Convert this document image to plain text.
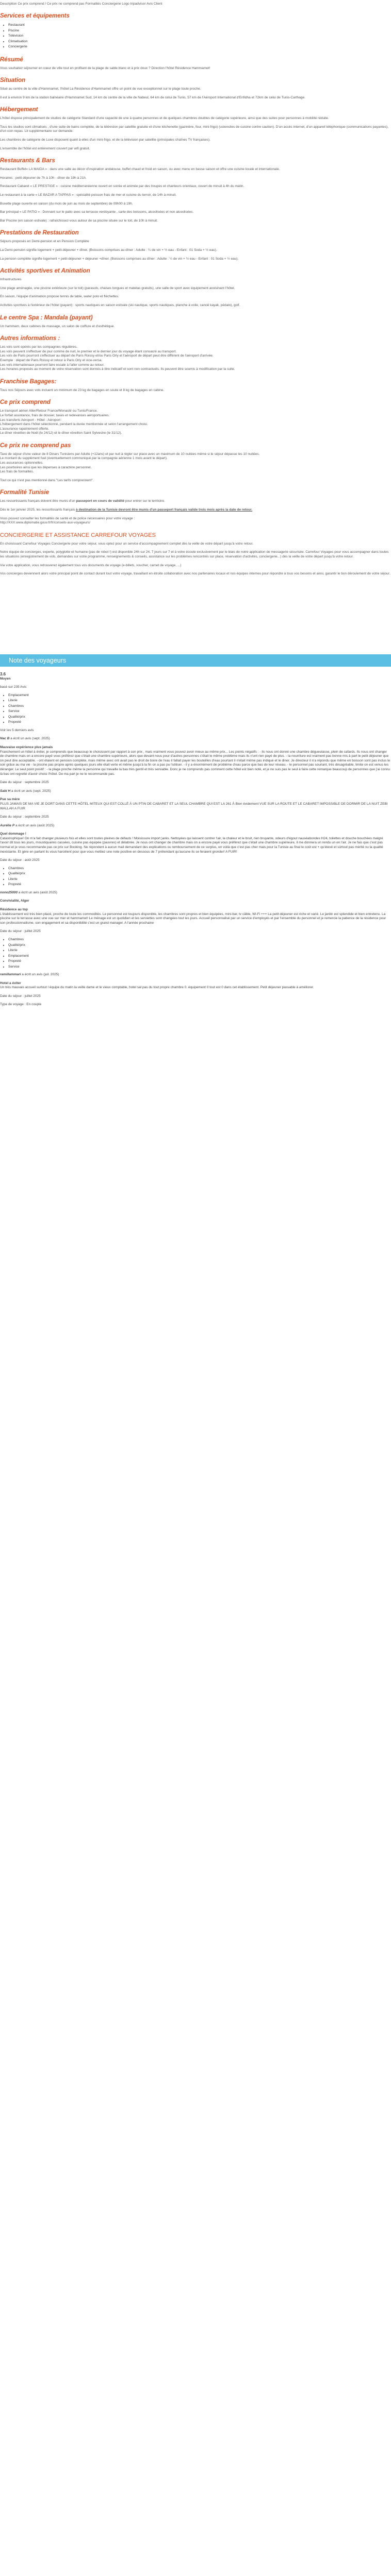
Description Ce prix comprend / Ce prix ne comprend pas Formalités Conciergerie Logo tripadvisor Avis Client

Services et équipements
• Restaurant
• Piscine
• Télévision
• Climatisation
• Conciergerie
Résumé

Vous souhaitez séjourner en cœur de ville tout en profitant de la plage de sable blanc et à prix doux ? Direction l'hôtel Résidence Hammamet!

Situation

Situé au centre de la ville d'Hammamet, l'hôtel La Résidence d'Hammamet offre un point de vue exceptionnel sur le plage toute proche.

Il est à environ 9 km de la station balnéaire d'Hammamet Sud, 14 km du centre de la ville de Nabeul, 64 km de celui de Tunis, 57 km de l'Aéroport International d'Enfidha et 72km de celui de Tunis-Carthage.

Hébergement

L'hôtel dispose principalement de studios de catégorie Standard d'une capacité de une à quatre personnes et de quelques chambres doubles de catégorie supérieure, ainsi que des suites pour personnes à mobilité réduite.

Tous les studios sont climatisés , d'une suite de bains complète, de la télévision par satellite gratuite et d'une kitchenette (gazinière, four, mini-frigo) (ustensiles de cuisine contre caution). D'un accès internet, d'un appareil téléphonique (communications payantes), d'un coin repas. Lit supplémentaire sur demande.

Les chambres de catégorie de Luxe disposent quant à elles d'un mini-frigo, et de la télévision par satellite (principales chaînes TV françaises).

L'ensemble de l'hôtel est entièrement couvert par wifi gratuit.

Restaurants & Bars

Restaurant Buffet« LA MAIDA » : dans une salle au décor d'inspiration andalouse, buffet chaud et froid en saison, ou avec menu en basse saison et offre une cuisine locale et internationale.

Horaires : petit déjeuner de 7h à 10h - dîner de 19h à 21h.

Restaurant Cabaret « LE PRESTIGE » : cuisine méditerranéenne ouvert en soirée et animée par des troupes et chanteurs orientaux, ouvert de minuit à 4h du matin.

Le restaurant à la carte « LE BAZAR A TAPPAS » : spécialité poisson frais de mer et cuisine du terroir, de 14h à minuit.

Buvette plage ouverte en saison (du mois de juin au mois de septembre) de 09h00 à 19h.

Bar principal « LE PATIO » : Donnant sur le patio avec sa terrasse verdoyante , carte des boissons, alcoolisées et non alcoolisées.

Bar Piscine (en saison estivale) : rafraîchissez-vous autour de sa piscine située sur le toit, de 10h à minuit.

Prestations de Restauration

Séjours proposés en Demi-pension et en Pension Complète

La Demi-pension signifie logement + petit-déjeuner + dîner. (Boissons comprises au dîner : Adulte : ¼ de vin + ½ eau - Enfant : 01 Soda + ½ eau).

La pension complète signifie logement + petit-déjeuner + déjeuner +dîner. (Boissons comprises au dîner : Adulte : ¼ de vin + ½ eau - Enfant : 01 Soda + ½ eau).

Activités sportives et Animation

Infrastructures

Une plage aménagée, une piscine extérieure (sur le toit) (parasols, chaises longues et matelas gratuits), une salle de sport avec équipement avoisinant l'hôtel.

En saison, l'équipe d'animation propose tennis de table, water polo et fléchettes.

Activités sportives à l'extérieur de l'hôtel (payant) : sports nautiques en saison estivale (ski nautique, sports nautiques, planche à voile, canoë kayak, pédalo), golf.

Le centre Spa : Mandala (payant)

Un hammam, deux cabines de massage, un salon de coiffure et d'esthétique.

Autres informations :

Les vols sont opérés par les compagnies régulières.

Les vols peuvent s'effectuer de jour comme de nuit, le premier et le dernier jour du voyage étant consacré au transport.

Les vols de Paris pourront s'effectuer au départ de Paris Roissy et/ou Paris Orly et l'aéroport de départ peut être différent de l'aéroport d'arrivée.

Exemple : départ de Paris Roissy et retour à Paris Orly et vice-versa.

Les vols internationaux pourront faire escale à l'aller comme au retour.

Les horaires proposés au moment de votre réservation sont donnés à titre indicatif et sont non contractuels. Ils peuvent être soumis à modification par la suite.

Franchise Bagages:

Tous nos Séjours avec vols incluent un minimum de 23 kg de bagages en soute et 8 kg de bagages en cabine.

Ce prix comprend

Le transport aérien Aller/Retour France/Monastir ou Tunis/France.

Le forfait assistance, frais de dossier, taxes et redevances aéroportuaires.

Les transferts Aéroport - Hôtel - Aéroport :

L'hébergement dans l'hôtel sélectionné, pendant la durée mentionnée et selon l'arrangement choisi.

L'assurance rapatriement offerte.

Le dîner réveillon de Noël (le 24/12) et le dîner réveillon Saint Sylvestre (le 31/12).

Ce prix ne comprend pas

Taxe de séjour d'une valeur de 8 Dinars Tunisiens par Adulte (+12ans) et par nuit à régler sur place avec un maximum de 10 nuitées même si le séjour dépasse les 10 nuitées.

Le montant du supplément fuel (éventuellement communiqué par la compagnie aérienne 1 mois avant le départ).

Les assurances optionnelles.

Les pourboires ainsi que les dépenses à caractère personnel.

Les frais de formalités.

Tout ce qui n'est pas mentionné dans "Les tarifs comprennent".

Formalité Tunisie

Les ressortissants français doivent être munis d'un passeport en cours de validité pour entrer sur le territoire.

Dès le 1er janvier 2025, les ressortissants français à destination de la Tunisie devront être munis d'un passeport français valide trois mois après la date de retour.

Vous pouvez consulter les formalités de santé et de police nécessaires pour votre voyage :

http://XXX.www.diplomatie.gouv.fr/fr/conseils-aux-voyageurs/

CONCIERGERIE ET ASSISTANCE CARREFOUR VOYAGES

En choisissant Carrefour Voyages Conciergerie pour votre séjour, vous optez pour un service d'accompagnement complet dès la veille de votre départ jusqu'à votre retour.

Notre équipe de concierges, experte, polyglotte et humaine (pas de robot !) est disponible 24h sur 24, 7 jours sur 7 et à votre écoute exclusivement par le biais de notre application de messagerie sécurisée. Carrefour Voyages pour vous accompagner dans toutes les situations (enregistrement de vols, demandes sur votre programme, renseignements & conseils, assistance sur les problèmes rencontrés sur place, réservation d'activités, conciergerie...) dès la veille de votre départ jusqu'à votre retour.

Via votre application, vous retrouverez également tous vos documents de voyage (e-billets, voucher, carnet de voyage, ...)

Vos concierges deviennent alors votre principal point de contact durant tout votre voyage, travaillant en étroite collaboration avec nos partenaires locaux et nos équipes internes pour répondre à tous vos besoins et ainsi, garantir le bon déroulement de votre séjour.

Note des voyageurs

3.6

Moyen

basé sur 235 Avis

• Emplacement
• Literie
• Chambres
• Service
• Qualité/prix
• Propreté

Voir les 5 derniers avis

Nac B a écrit un avis (sept. 2025)

Mauvaise expérience plus jamais

Franchement un hôtel à éviter, je comprends que beaucoup le choisissent par rapport à son prix , mais vraiment vous pouvez avoir mieux au même prix... Les points négatifs : - ils nous ont donné une chambre dégueulasse, plein de cafards. Ils nous ont changer de chambre mais on a encore payé vous préférez que c'était une chambre supérieure, alors que devant nous pour d'autres personnes c'était le même problème mais ils n'ont rien payé de plus. - la nourriture est vraiment pas bonne mis à part le petit déjeuner que on peut dire acceptable. - ont étaient en pension complète, mais même avec ont avait pas le droit de boire de l'eau il fallait payer les bouteilles d'eau pourtant il n'était même pas indiqué et le diner. Je directeur il n'a répondu que même en boisson sont pas inclus le soir grâce au ma vie - la piscine pas propre après quelques jours elle était verte et même jusqu'à la fin on a pas pu l'utiliser. - il y a énormément de problème d'eau parce que bas de leur réseau. - le personnel pas souriant, très désagréable, limite on est venus les déranger. Le seul point positif : - la plage proche même la personne qui travaille la bas très gentil et très serviable. Donc je ne comprends pas comment cette hôtel est bien noté, et je ne suis pas le seul à faire cette remarque beaucoup de personnes que j'ai connu là bas ont regretté d'avoir choisi l'hôtel. De ma part je ne le recommande pas.

Date du séjour : septembre 2025

Sabi H a écrit un avis (sept. 2025)

Pue sa mère

PLUS JAMAIS DE MA VIE JE DORT DANS CETTE HÔTEL MITEUX QUI EST COLLÉ À UN PTIN DE CABARET ET LA SEUL CHAMBRE QUI EST LA 261 À Bien évidement VUE SUR LA ROUTE ET LE CABARET IMPOSSIBLE DE DORMIR DE LA NUIT ZEBI WALLAH A FUIR

Date du séjour : septembre 2025

Aurélie P a écrit un avis (août 2025)

Quel dommage !

Catastrophique! On m'a fait changer plusieurs fois et elles sont toutes pleines de défauts ! Moisissure import.)arès. Nettoyées qui laissent contrer l'air, la chaleur et le bruit, rien bruyante, odeurs d'égout nauséabondes H24, toilettes et douche bouchées malgré l'avoir dit tous les jours, moustiquaires cassées, cuisine pas équipée (pauvres) et délabrée. Je nous ont changer de chambre mais on a encore payé vous préférez que c'était une chambre supérieure, il me donnera un rendu un en l'air. Je ne fais que c'est pas normal et je vous recommande pas ce prix sur Booking. Ne répondent à aucun mail demandant des explications ou remboursement de ce surplus, en voilà que c'est pas cher mais pour la Tunisie au final le coût est + qu'élevé et sûrtout pas mérité vu la qualité inexistante. Et gère en partant ils vous harcèlent pour que vous mettiez une note positive en dessous de 7 prétendant qu'aucune ils se feraient gronder! A FUIR!

Date du séjour : août 2025

• Chambres
• Qualité/prix
• Literie
• Propreté

nono25000 a écrit un avis (août 2025)

Convivialité, Alger

Résidence au top

L'établissement est très bien placé, proche de toute les commodités. Le personnel est toujours disponible, les chambres sont propres et bien équipées, mini-bar, tv câble, Wi-Fi +++ La petit déjeuner est riche et varié. Le jardin est splendide et bien entretenu. La piscine sur le terrasse avec une vue sur mer et hammamet! Le ménage est un quotidien et les serviettes sont changées tout les jours. Accueil personnalisé par un service d'employés et par l'ensemble du personnel et je remercie la patience de la résidence pour son professionnalisme, son engagement et sa disponibilité c'est un grand manager. A l'année prochaine

Date du séjour : juillet 2025

• Chambres
• Qualité/prix
• Literie
• Emplacement
• Propreté
• Service

ramillammari a écrit un avis (juil. 2025)

Hotel a éviter

Un très mauvais accueil surtout l équipe du matin la veille dame et le vieux comptable, hotel sal pas du tout propre chambre 0. équipement 0 tout est 0 dans cet établissement. Petit déjeuner passable à améliorer.

Date du séjour : juillet 2025

Type de voyage : En couple
